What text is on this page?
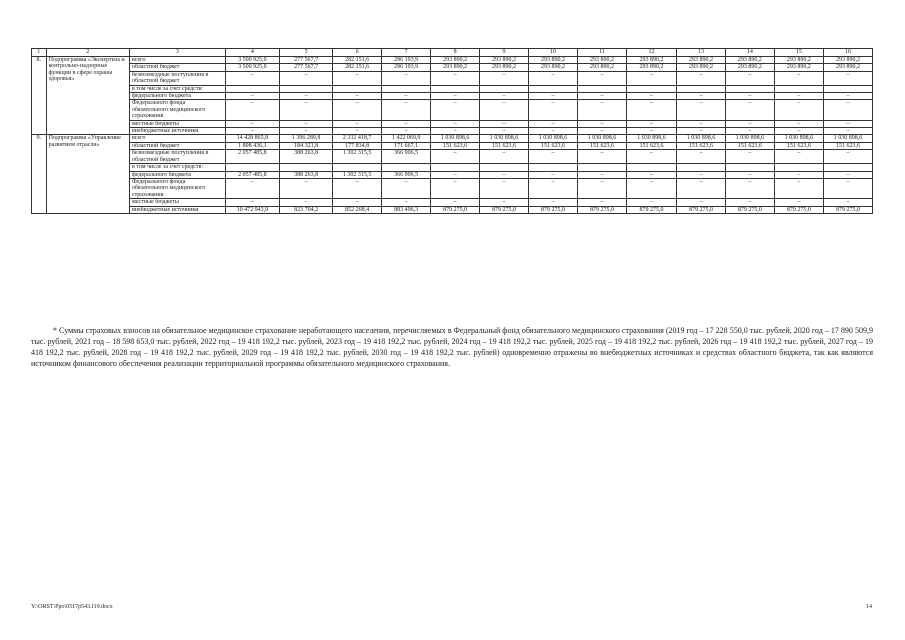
1	2	3	4	5	6	7	8	9	10	11	12	13	14	15	16
8.	Подпрограмма «Экспертиза и контрольно-надзорные функции в сфере охраны здоровья»	всего	3 500 925,0	277 567,7	282 151,6	296 193,9	293 890,2	293 890,2	293 890,2	293 890,2	293 890,2	293 890,2	293 890,2	293 890,2	293 890,2
		областной бюджет	3 500 925,0	277 567,7	282 151,6	296 193,9	293 890,2	293 890,2	293 890,2	293 890,2	293 890,2	293 890,2	293 890,2	293 890,2	293 890,2
		безвозмездные поступления в областной бюджет	–	–	–	–	–	–	–	–	–	–	–	–	–
		в том числе за счет средств:													
		федерального бюджета	–	–	–	–	–	–	–	–	–	–	–	–	–
		Федерального фонда обязательного медицинского страхования	–	–	–	–	–	–	–	–	–	–	–	–	–
		местные бюджеты	–	–	–	–	–	–	–	–	–	–	–	–	–
		внебюджетные источники	–	–	–	–	–	–	–	–	–	–	–	–	–
9.	Подпрограмма «Управление развитием отрасли»	всего	14 428 865,8	1 396 289,8	2 332 418,7	1 422 069,9	1 030 898,6	1 030 898,6	1 030 898,6	1 030 898,6	1 030 898,6	1 030 898,6	1 030 898,6	1 030 898,6	1 030 898,6
		областной бюджет	1 898 436,1	184 321,8	177 834,8	171 667,1	151 623,6	151 623,6	151 623,6	151 623,6	151 623,6	151 623,6	151 623,6	151 623,6	151 623,6
		безвозмездные поступления в областной бюджет	2 057 485,8	388 263,8	1 302 315,5	366 906,5	–	–	–	–	–	–	–	–	–
		в том числе за счет средств:													
		федерального бюджета	2 057 485,8	388 263,8	1 302 315,5	366 906,5	–	–	–	–	–	–	–	–	–
		Федерального фонда обязательного медицинского страхования	–	–	–	–	–	–	–	–	–	–	–	–	–
		местные бюджеты	–	–	–	–	–	–	–	–	–	–	–	–	–
		внебюджетные источники	10 472 943,9	823 704,2	852 268,4	883 496,3	879 275,0	879 275,0	879 275,0	879 275,0	879 275,0	879 275,0	879 275,0	879 275,0	879 275,0
* Суммы страховых взносов на обязательное медицинское страхование неработающего населения, перечисляемых в Федеральный фонд обязательного медицинского страхования (2019 год – 17 228 550,0 тыс. рублей, 2020 год – 17 890 509,9 тыс. рублей, 2021 год – 18 598 653,0 тыс. рублей, 2022 год – 19 418 192,2 тыс. рублей, 2023 год – 19 418 192,2 тыс. рублей, 2024 год – 19 418 192,2 тыс. рублей, 2025 год – 19 418 192,2 тыс. рублей, 2026 год – 19 418 192,2 тыс. рублей, 2027 год – 19 418 192,2 тыс. рублей, 2028 год – 19 418 192,2 тыс. рублей, 2029 год – 19 418 192,2 тыс. рублей, 2030 год – 19 418 192,2 тыс. рублей) одновременно отражены во внебюджетных источниках и средствах областного бюджета, так как являются источником финансового обеспечения реализации территориальной программы обязательного медицинского страхования.
Y:\ORST\Ppo\0517p543.f19.docx	14
